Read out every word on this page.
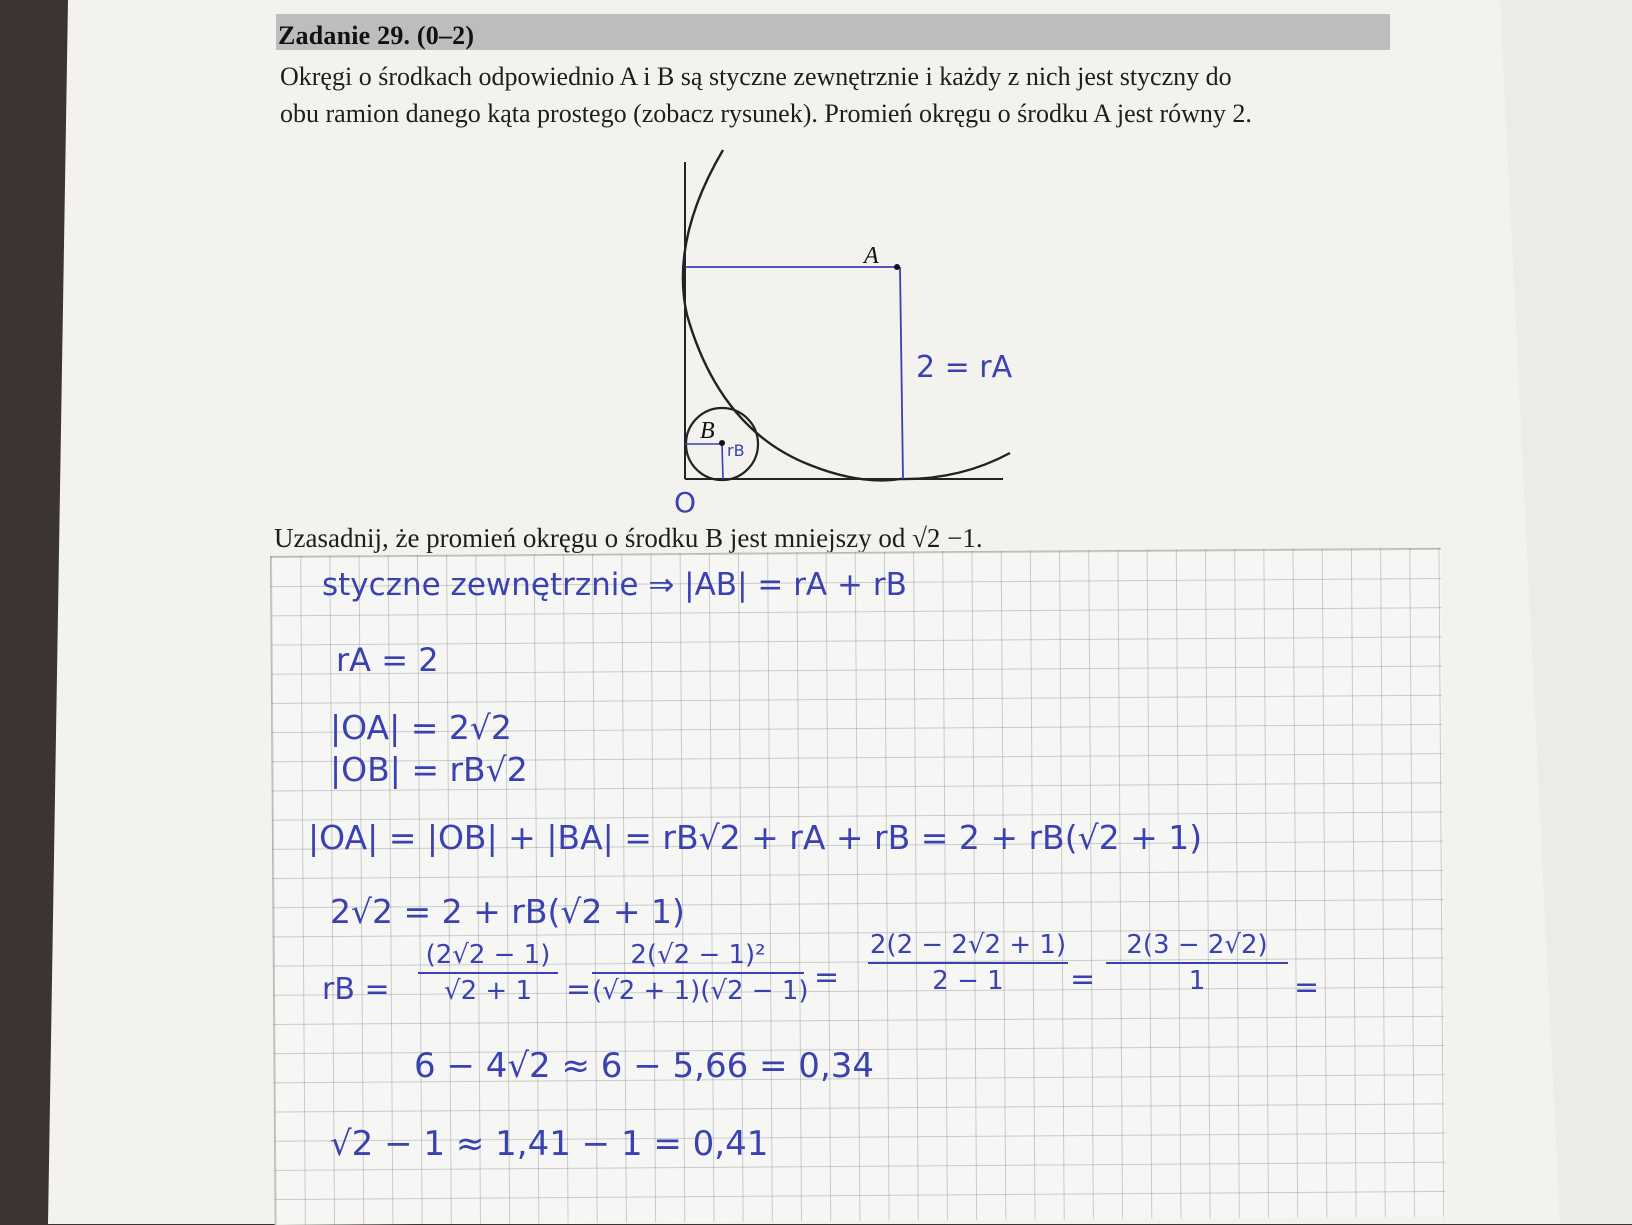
Zadanie 29. (0–2)
Okręgi o środkach odpowiednio A i B są styczne zewnętrznie i każdy z nich jest styczny do
obu ramion danego kąta prostego (zobacz rysunek). Promień okręgu o środku A jest równy 2.
A
B
rB
2 = rA
O
Uzasadnij, że promień okręgu o środku B jest mniejszy od √2 −1.
styczne zewnętrznie ⇒ |AB| = rA + rB
rA = 2
|OA| = 2√2
|OB| = rB√2
|OA| = |OB| + |BA| = rB√2 + rA + rB = 2 + rB(√2 + 1)
2√2 = 2 + rB(√2 + 1)
rB =
(2√2 − 1)
√2 + 1	=
2(√2 − 1)²
(√2 + 1)(√2 − 1) =
2(2 − 2√2 + 1)
2 − 1	=
2(3 − 2√2)
1	=
6 − 4√2 ≈ 6 − 5,66 = 0,34
√2 − 1 ≈ 1,41 − 1 = 0,41
